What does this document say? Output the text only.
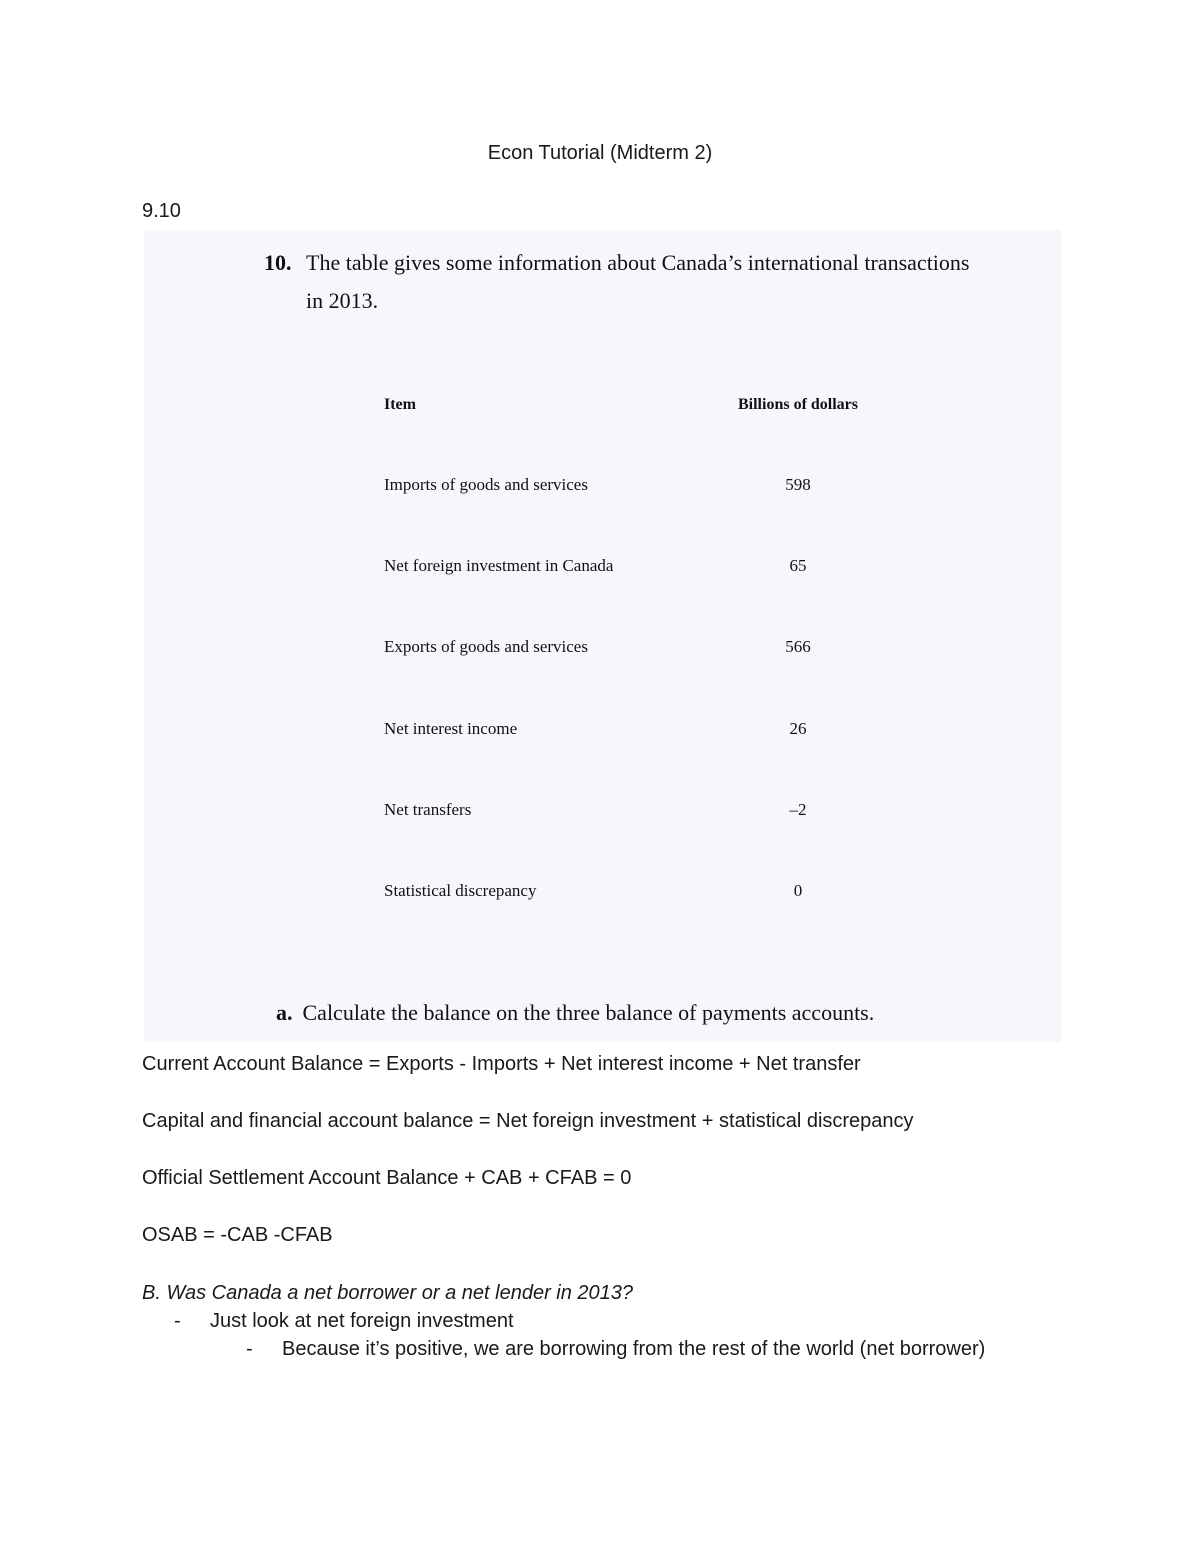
Econ Tutorial (Midterm 2)
9.10
10. The table gives some information about Canada’s international transactions in 2013.
Item	Billions of dollars
Imports of goods and services	598
Net foreign investment in Canada	65
Exports of goods and services	566
Net interest income	26
Net transfers	–2
Statistical discrepancy	0
a. Calculate the balance on the three balance of payments accounts.
Current Account Balance = Exports - Imports + Net interest income + Net transfer
Capital and financial account balance = Net foreign investment + statistical discrepancy
Official Settlement Account Balance + CAB + CFAB = 0
OSAB = -CAB -CFAB
B. Was Canada a net borrower or a net lender in 2013?
- Just look at net foreign investment
- Because it’s positive, we are borrowing from the rest of the world (net borrower)
